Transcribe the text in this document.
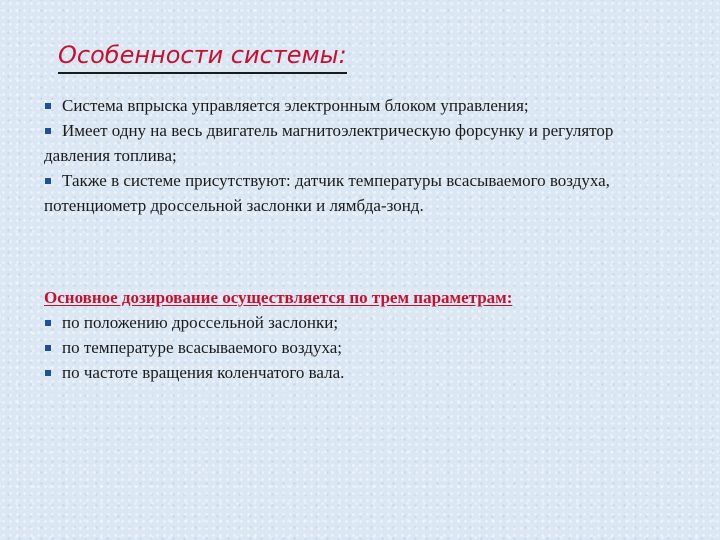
Особенности системы:

Система впрыска управляется электронным блоком управления;

Имеет одну на весь двигатель магнитоэлектрическую форсунку и регулятор давления топлива;

Также в системе присутствуют: датчик температуры всасываемого воздуха, потенциометр дроссельной заслонки и лямбда-зонд.

Основное дозирование осуществляется по трем параметрам:

по положению дроссельной заслонки;

по температуре всасываемого воздуха;

по частоте вращения коленчатого вала.
